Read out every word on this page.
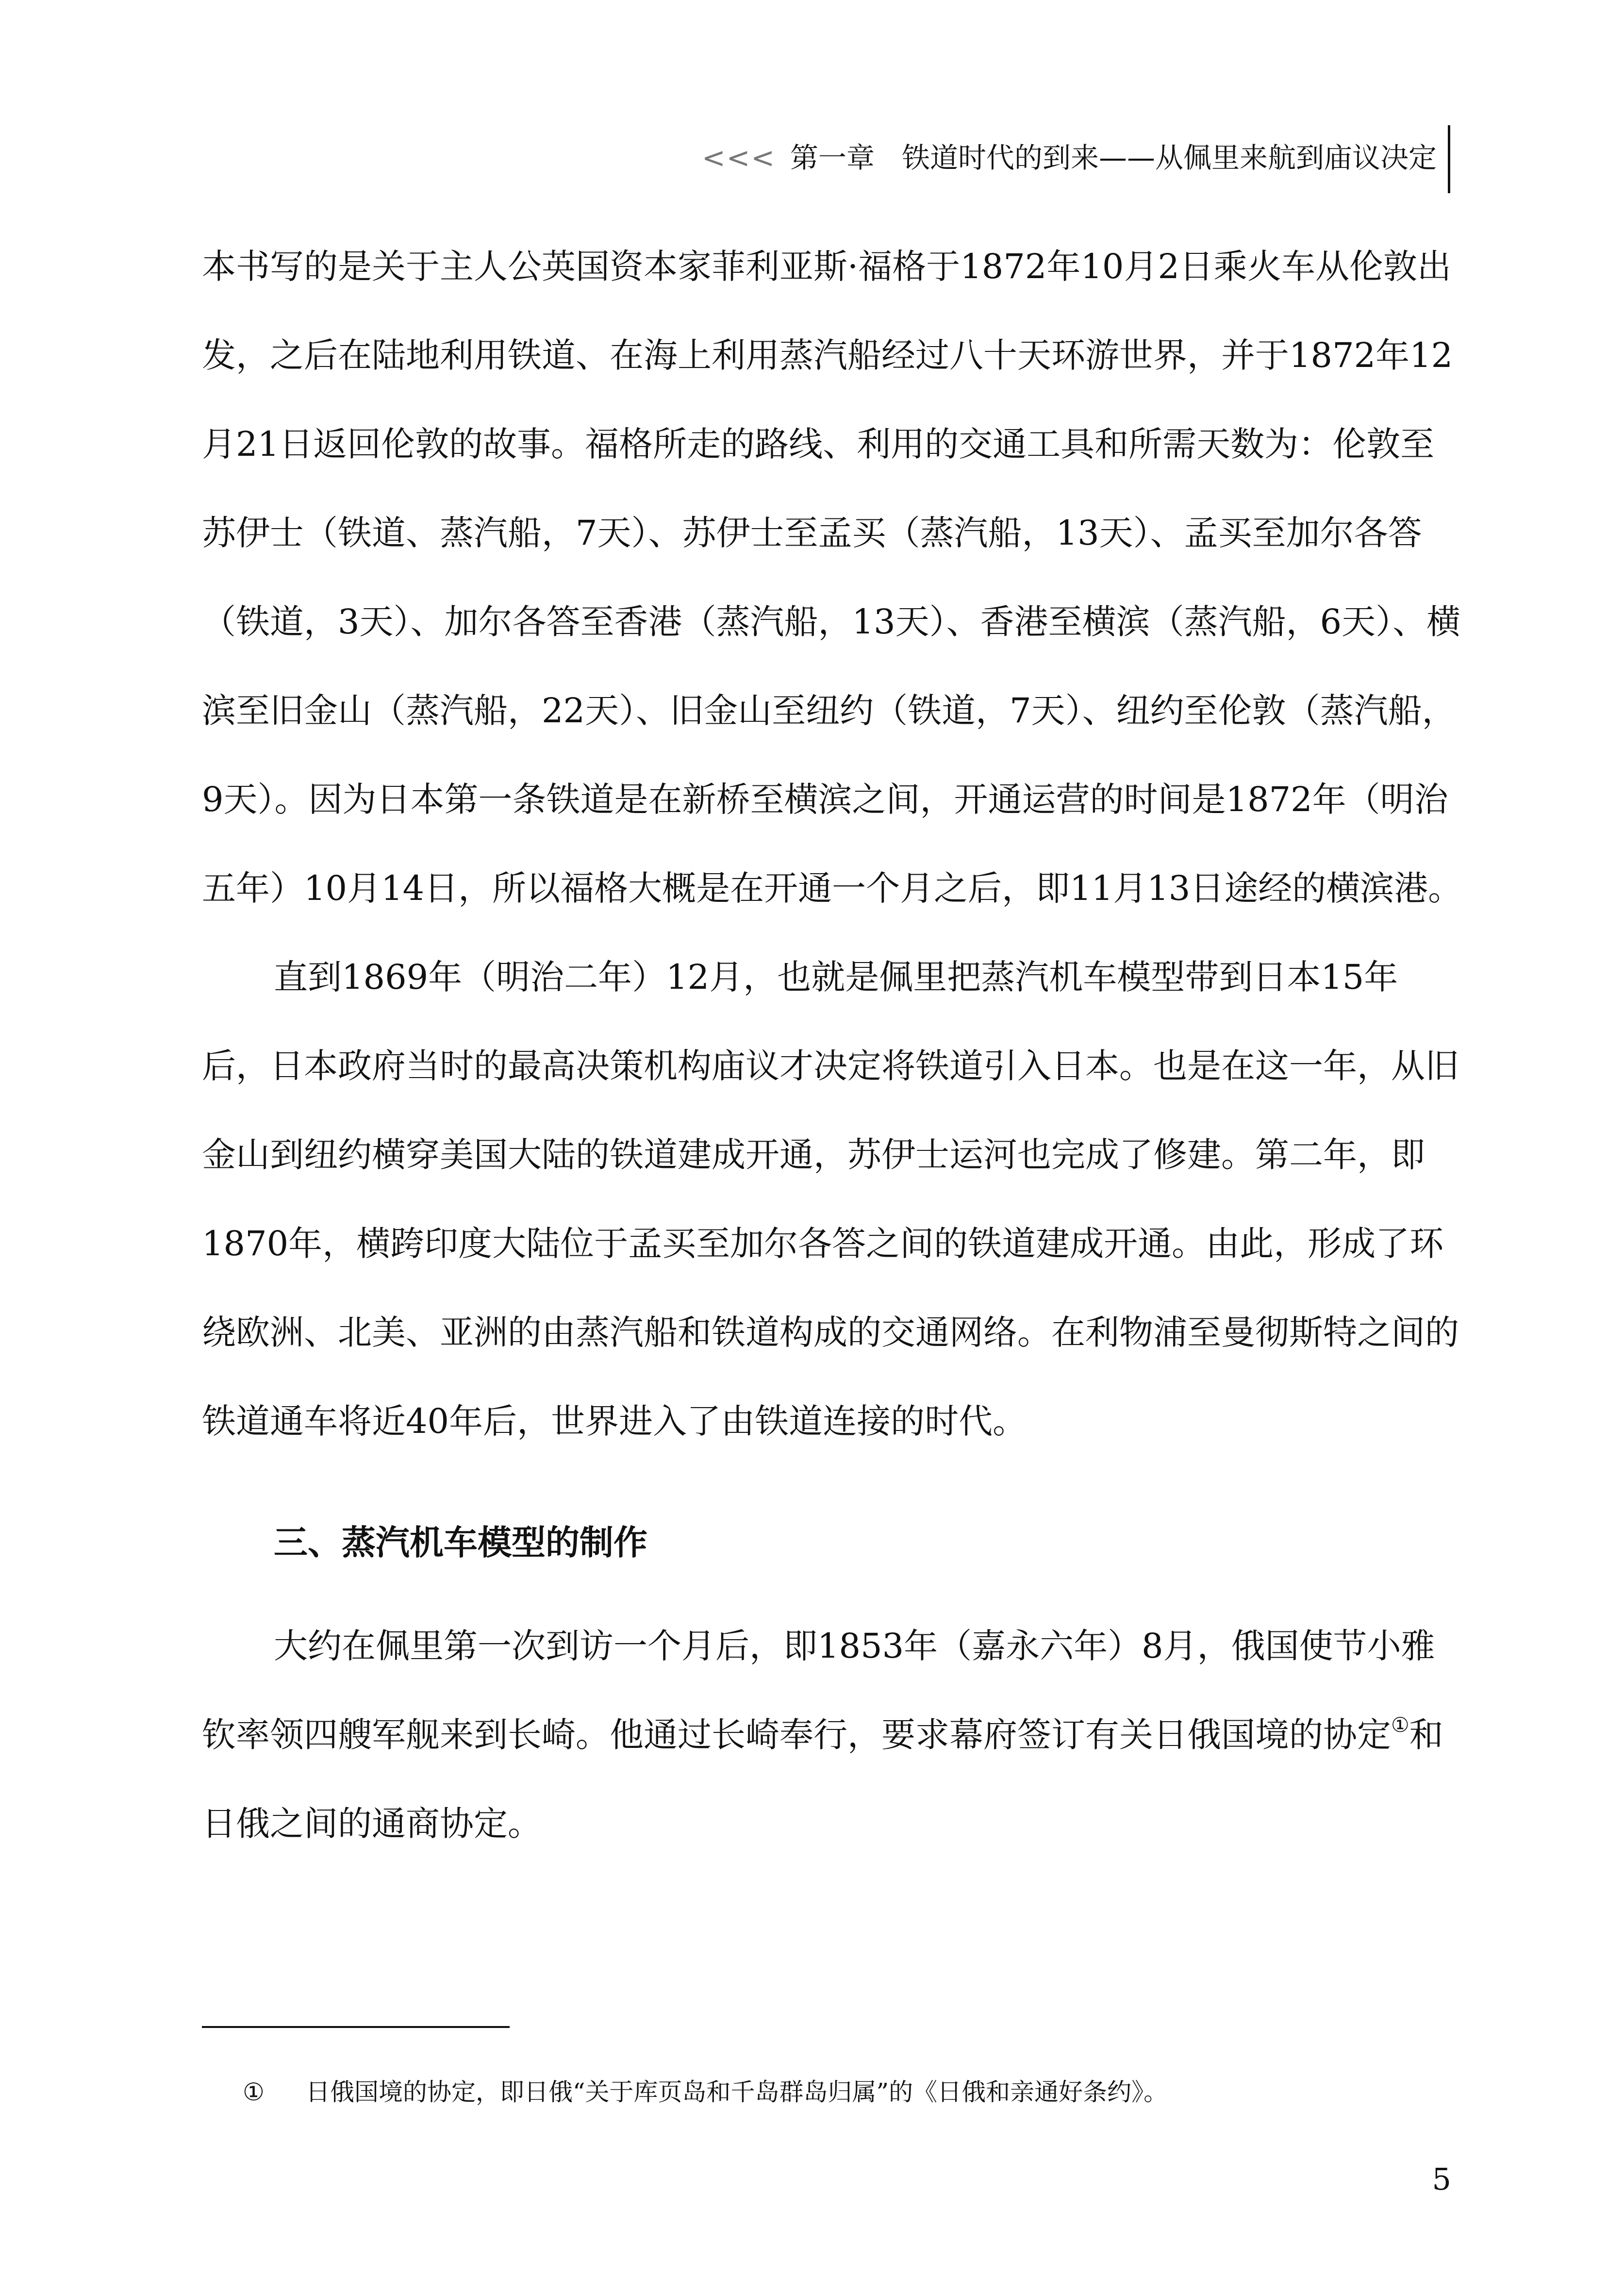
<<< 第一章 铁道时代的到来——从佩里来航到庙议决定

本书写的是关于主人公英国资本家菲利亚斯·福格于1872年10月2日乘火车从伦敦出发，之后在陆地利用铁道、在海上利用蒸汽船经过八十天环游世界，并于1872年12月21日返回伦敦的故事。福格所走的路线、利用的交通工具和所需天数为：伦敦至苏伊士（铁道、蒸汽船，7天）、苏伊士至孟买（蒸汽船，13天）、孟买至加尔各答（铁道，3天）、加尔各答至香港（蒸汽船，13天）、香港至横滨（蒸汽船，6天）、横滨至旧金山（蒸汽船，22天）、旧金山至纽约（铁道，7天）、纽约至伦敦（蒸汽船，9天）。因为日本第一条铁道是在新桥至横滨之间，开通运营的时间是1872年（明治五年）10月14日，所以福格大概是在开通一个月之后，即11月13日途经的横滨港。

直到1869年（明治二年）12月，也就是佩里把蒸汽机车模型带到日本15年后，日本政府当时的最高决策机构庙议才决定将铁道引入日本。也是在这一年，从旧金山到纽约横穿美国大陆的铁道建成开通，苏伊士运河也完成了修建。第二年，即1870年，横跨印度大陆位于孟买至加尔各答之间的铁道建成开通。由此，形成了环绕欧洲、北美、亚洲的由蒸汽船和铁道构成的交通网络。在利物浦至曼彻斯特之间的铁道通车将近40年后，世界进入了由铁道连接的时代。

三、蒸汽机车模型的制作

大约在佩里第一次到访一个月后，即1853年（嘉永六年）8月，俄国使节小雅钦率领四艘军舰来到长崎。他通过长崎奉行，要求幕府签订有关日俄国境的协定①和日俄之间的通商协定。

① 日俄国境的协定，即日俄“关于库页岛和千岛群岛归属”的《日俄和亲通好条约》。
5
